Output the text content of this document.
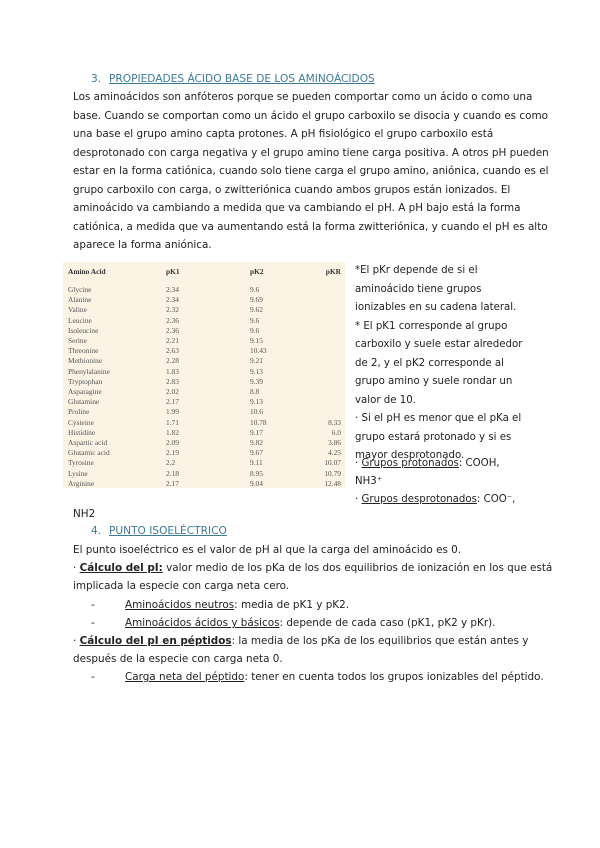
3. PROPIEDADES ÁCIDO BASE DE LOS AMINOÁCIDOS
Los aminoácidos son anfóteros porque se pueden comportar como un ácido o como una
base. Cuando se comportan como un ácido el grupo carboxilo se disocia y cuando es como
una base el grupo amino capta protones. A pH fisiológico el grupo carboxilo está
desprotonado con carga negativa y el grupo amino tiene carga positiva. A otros pH pueden
estar en la forma catiónica, cuando solo tiene carga el grupo amino, aniónica, cuando es el
grupo carboxilo con carga, o zwitteriónica cuando ambos grupos están ionizados. El
aminoácido va cambiando a medida que va cambiando el pH. A pH bajo está la forma
catiónica, a medida que va aumentando está la forma zwitteriónica, y cuando el pH es alto
aparece la forma aniónica.
Amino Acid	pK1	pK2	pKR
Glycine	2.34	9.6
Alanine	2.34	9.69
Valine	2.32	9.62
Leucine	2.36	9.6
Isoleucine	2.36	9.6
Serine	2.21	9.15
Threonine	2.63	10.43
Methionine	2.28	9.21
Phenylalanine	1.83	9.13
Tryptophan	2.83	9.39
Asparagine	2.02	8.8
Glutamine	2.17	9.13
Proline	1.99	10.6
Cysteine	1.71	10.78	8.33
Histidine	1.82	9.17	6.0
Aspartic acid	2.09	9.82	3.86
Glutamic acid	2.19	9.67	4.25
Tyrosine	2.2	9.11	10.07
Lysine	2.18	8.95	10.79
Arginine	2.17	9.04	12.48
*El pKr depende de si el
aminoácido tiene grupos
ionizables en su cadena lateral.
* El pK1 corresponde al grupo
carboxilo y suele estar alrededor
de 2, y el pK2 corresponde al
grupo amino y suele rondar un
valor de 10.
· Si el pH es menor que el pKa el
grupo estará protonado y si es
mayor desprotonado.
· Grupos protonados: COOH,
NH3⁺
· Grupos desprotonados: COO⁻,
NH2
4. PUNTO ISOELÉCTRICO
El punto isoeléctrico es el valor de pH al que la carga del aminoácido es 0.
· Cálculo del pI: valor medio de los pKa de los dos equilibrios de ionización en los que está
implicada la especie con carga neta cero.
-	Aminoácidos neutros: media de pK1 y pK2.
-	Aminoácidos ácidos y básicos: depende de cada caso (pK1, pK2 y pKr).
· Cálculo del pI en péptidos: la media de los pKa de los equilibrios que están antes y
después de la especie con carga neta 0.
-	Carga neta del péptido: tener en cuenta todos los grupos ionizables del péptido.
